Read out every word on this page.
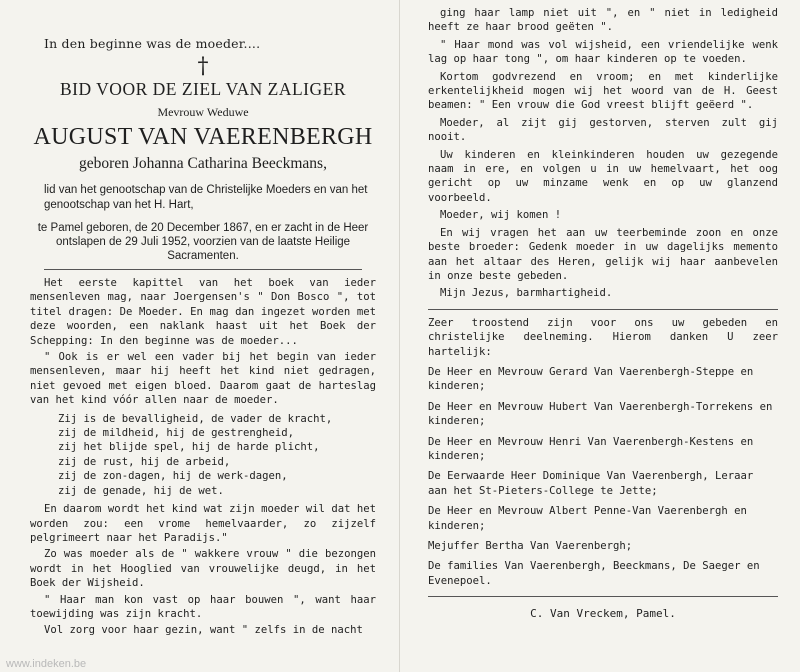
In den beginne was de moeder....
†
BID VOOR DE ZIEL VAN ZALIGER
Mevrouw Weduwe
AUGUST VAN VAERENBERGH
geboren Johanna Catharina Beeckmans,
lid van het genootschap van de Christelijke Moeders en van het genootschap van het H. Hart,
te Pamel geboren, de 20 December 1867, en er zacht in de Heer ontslapen de 29 Juli 1952, voorzien van de laatste Heilige Sacramenten.

Het eerste kapittel van het boek van ieder mensenleven mag, naar Joergensen's " Don Bosco ", tot titel dragen: De Moeder. En mag dan ingezet worden met deze woorden, een naklank haast uit het Boek der Schepping: In den beginne was de moeder...

" Ook is er wel een vader bij het begin van ieder mensenleven, maar hij heeft het kind niet gedragen, niet gevoed met eigen bloed. Daarom gaat de harteslag van het kind vóór allen naar de moeder.

Zij is de bevalligheid, de vader de kracht,
zij de mildheid, hij de gestrengheid,
zij het blijde spel, hij de harde plicht,
zij de rust, hij de arbeid,
zij de zon-dagen, hij de werk-dagen,
zij de genade, hij de wet.

En daarom wordt het kind wat zijn moeder wil dat het worden zou: een vrome hemelvaarder, zo zijzelf pelgrimeert naar het Paradijs."

Zo was moeder als de " wakkere vrouw " die bezongen wordt in het Hooglied van vrouwelijke deugd, in het Boek der Wijsheid.

" Haar man kon vast op haar bouwen ", want haar toewijding was zijn kracht.

Vol zorg voor haar gezin, want " zelfs in de nacht

ging haar lamp niet uit ", en " niet in ledigheid heeft ze haar brood geëten ".

" Haar mond was vol wijsheid, een vriendelijke wenk lag op haar tong ", om haar kinderen op te voeden.

Kortom godvrezend en vroom; en met kinderlijke erkentelijkheid mogen wij het woord van de H. Geest beamen: " Een vrouw die God vreest blijft geëerd ".

Moeder, al zijt gij gestorven, sterven zult gij nooit.

Uw kinderen en kleinkinderen houden uw gezegende naam in ere, en volgen u in uw hemelvaart, het oog gericht op uw minzame wenk en op uw glanzend voorbeeld.

Moeder, wij komen !

En wij vragen het aan uw teerbeminde zoon en onze beste broeder: Gedenk moeder in uw dagelijks memento aan het altaar des Heren, gelijk wij haar aanbevelen in onze beste gebeden.

Mijn Jezus, barmhartigheid.

Zeer troostend zijn voor ons uw gebeden en christelijke deelneming. Hierom danken U zeer hartelijk:

De Heer en Mevrouw Gerard Van Vaerenbergh-Steppe en kinderen;
De Heer en Mevrouw Hubert Van Vaerenbergh-Torrekens en kinderen;
De Heer en Mevrouw Henri Van Vaerenbergh-Kestens en kinderen;
De Eerwaarde Heer Dominique Van Vaerenbergh, Leraar aan het St-Pieters-College te Jette;
De Heer en Mevrouw Albert Penne-Van Vaerenbergh en kinderen;
Mejuffer Bertha Van Vaerenbergh;
De families Van Vaerenbergh, Beeckmans, De Saeger en Evenepoel.
C. Van Vreckem, Pamel.
www.indeken.be
